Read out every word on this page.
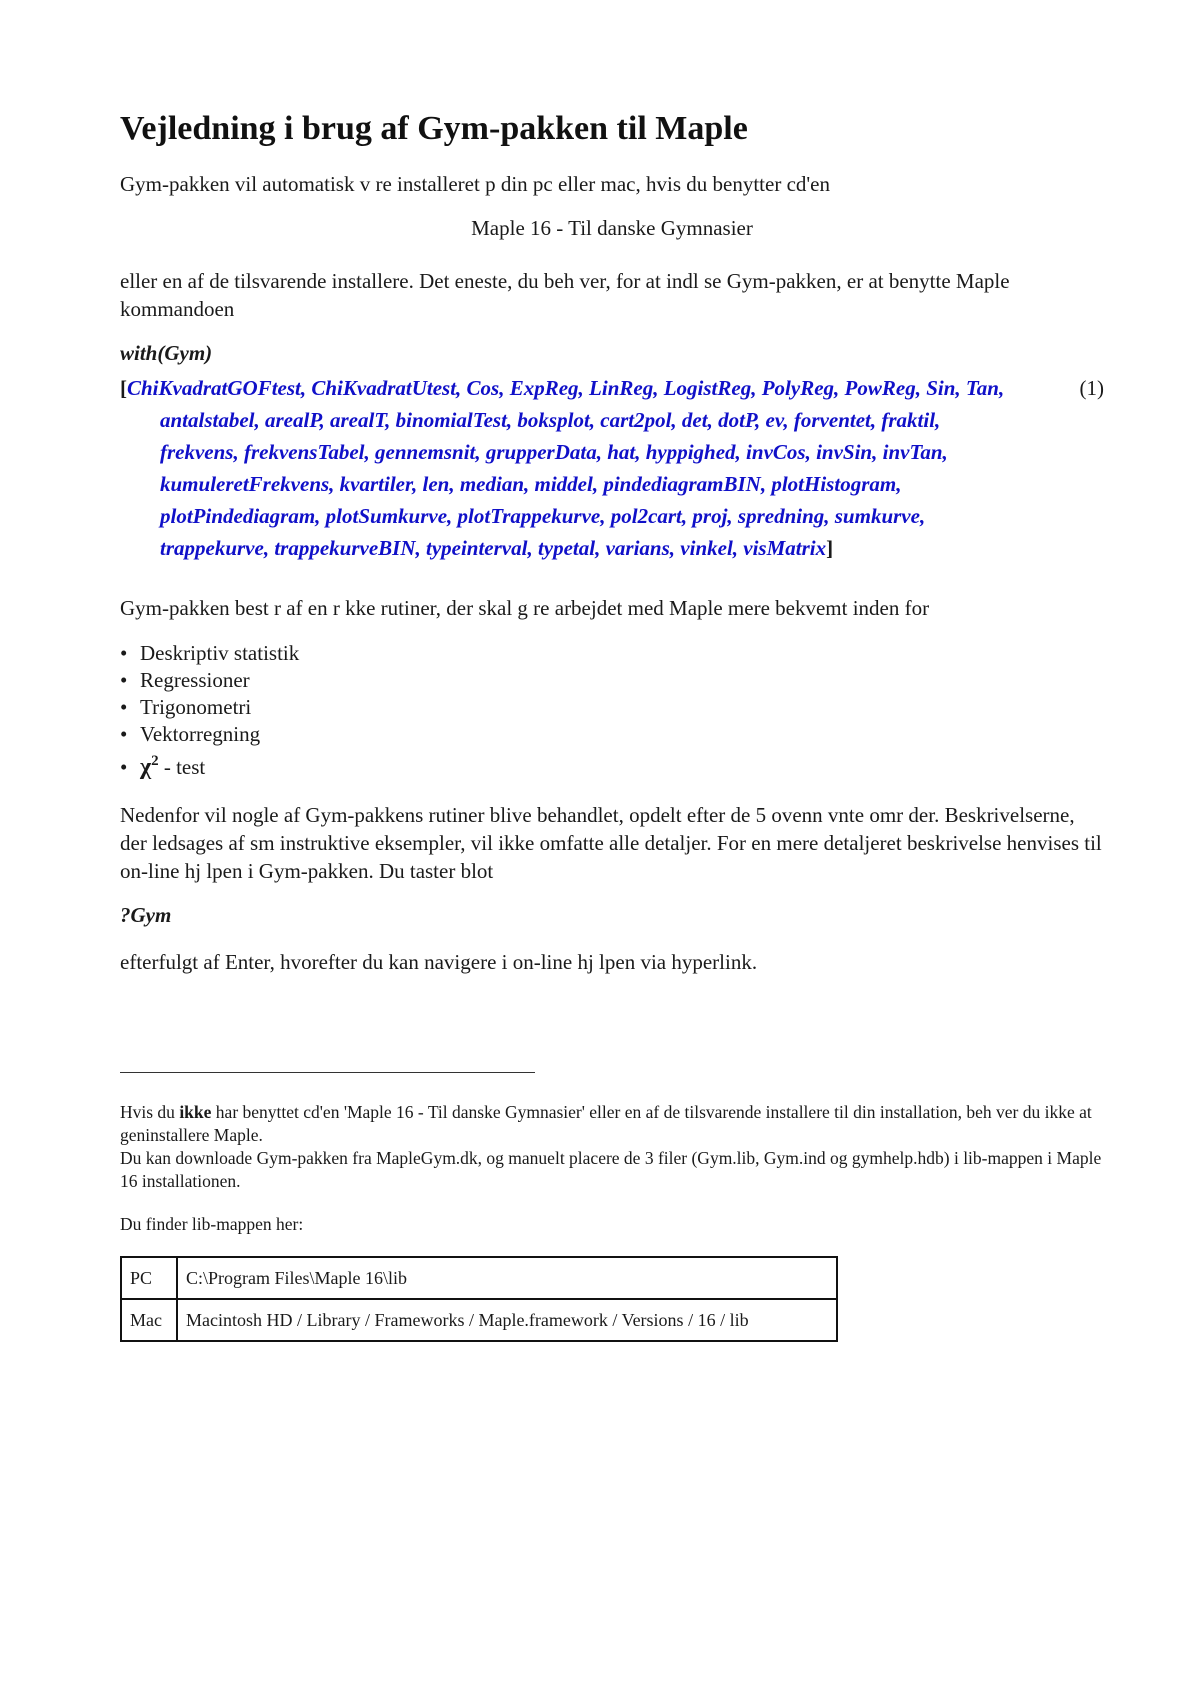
Vejledning i brug af Gym-pakken til Maple

Gym-pakken vil automatisk v re installeret p din pc eller mac, hvis du benytter cd'en

Maple 16 - Til danske Gymnasier

eller en af de tilsvarende installere. Det eneste, du beh ver, for at indl se Gym-pakken, er at benytte Maple kommandoen

with(Gym)

[ChiKvadratGOFtest, ChiKvadratUtest, Cos, ExpReg, LinReg, LogistReg, PolyReg, PowReg, Sin, Tan, antalstabel, arealP, arealT, binomialTest, boksplot, cart2pol, det, dotP, ev, forventet, fraktil, frekvens, frekvensTabel, gennemsnit, grupperData, hat, hyppighed, invCos, invSin, invTan, kumuleretFrekvens, kvartiler, len, median, middel, pindediagramBIN, plotHistogram, plotPindediagram, plotSumkurve, plotTrappekurve, pol2cart, proj, spredning, sumkurve, trappekurve, trappekurveBIN, typeinterval, typetal, varians, vinkel, visMatrix]
(1)

Gym-pakken best r af en r kke rutiner, der skal g re arbejdet med Maple mere bekvemt inden for

• Deskriptiv statistik
• Regressioner
• Trigonometri
• Vektorregning
• $\chi^2$ - test

Nedenfor vil nogle af Gym-pakkens rutiner blive behandlet, opdelt efter de 5 ovenn vnte omr der. Beskrivelserne, der ledsages af sm instruktive eksempler, vil ikke omfatte alle detaljer. For en mere detaljeret beskrivelse henvises til on-line hj lpen i Gym-pakken. Du taster blot

?Gym

efterfulgt af Enter, hvorefter du kan navigere i on-line hj lpen via hyperlink.

Hvis du ikke har benyttet cd'en 'Maple 16 - Til danske Gymnasier' eller en af de tilsvarende installere til din installation, beh ver du ikke at geninstallere Maple.

Du kan downloade Gym-pakken fra MapleGym.dk, og manuelt placere de 3 filer (Gym.lib, Gym.ind og gymhelp.hdb) i lib-mappen i Maple 16 installationen.

Du finder lib-mappen her:

PC	C:\Program Files\Maple 16\lib
Mac	Macintosh HD / Library / Frameworks / Maple.framework / Versions / 16 / lib
